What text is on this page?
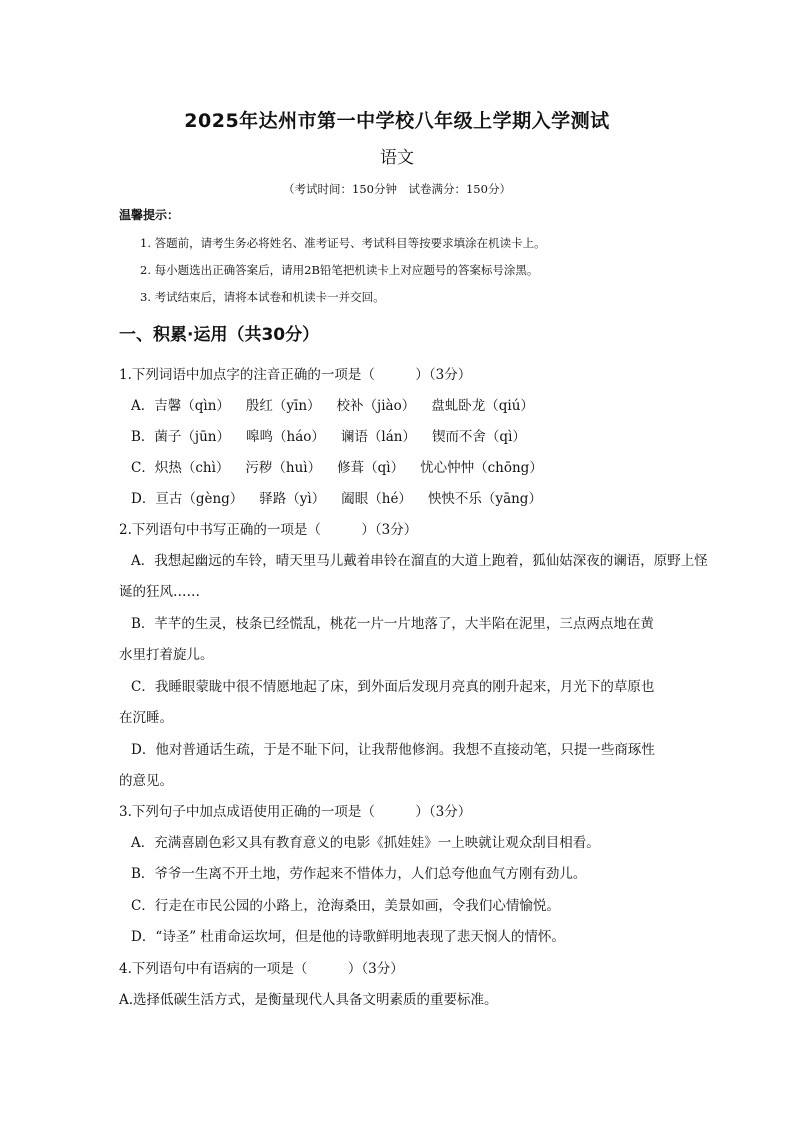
2025年达州市第一中学校八年级上学期入学测试
语文
（考试时间：150分钟　试卷满分：150分）
温馨提示：
1. 答题前，请考生务必将姓名、准考证号、考试科目等按要求填涂在机读卡上。
2. 每小题选出正确答案后，请用2B铅笔把机读卡上对应题号的答案标号涂黑。
3. 考试结束后，请将本试卷和机读卡一并交回。
一、积累·运用（共30分）
1.下列词语中加点字的注音正确的一项是（　　　）（3分）
A．吉馨（qìn） 殷红（yīn） 校补（jiào） 盘虬卧龙（qiú）
B．菌子（jūn） 嗥鸣（háo） 谰语（lán） 锲而不舍（qì）
C．炽热（chì） 污秽（huì） 修葺（qì） 忧心忡忡（chōng）
D．亘古（gèng） 驿路（yì） 阖眼（hé） 怏怏不乐（yāng）
2.下列语句中书写正确的一项是（　　　）（3分）
A．我想起幽远的车铃，晴天里马儿戴着串铃在溜直的大道上跑着，狐仙姑深夜的谰语，原野上怪
诞的狂风……
B．芊芊的生灵，枝条已经慌乱，桃花一片一片地落了，大半陷在泥里，三点两点地在黄
水里打着旋儿。
C．我睡眼蒙眬中很不情愿地起了床，到外面后发现月亮真的刚升起来，月光下的草原也
在沉睡。
D．他对普通话生疏，于是不耻下问，让我帮他修润。我想不直接动笔，只提一些商琢性
的意见。
3.下列句子中加点成语使用正确的一项是（　　　）（3分）
A．充满喜剧色彩又具有教育意义的电影《抓娃娃》一上映就让观众刮目相看。
B．爷爷一生离不开土地，劳作起来不惜体力，人们总夸他血气方刚有劲儿。
C．行走在市民公园的小路上，沧海桑田，美景如画，令我们心情愉悦。
D．“诗圣” 杜甫命运坎坷，但是他的诗歌鲜明地表现了悲天悯人的情怀。
4.下列语句中有语病的一项是（　　　）（3分）
A.选择低碳生活方式，是衡量现代人具备文明素质的重要标准。
